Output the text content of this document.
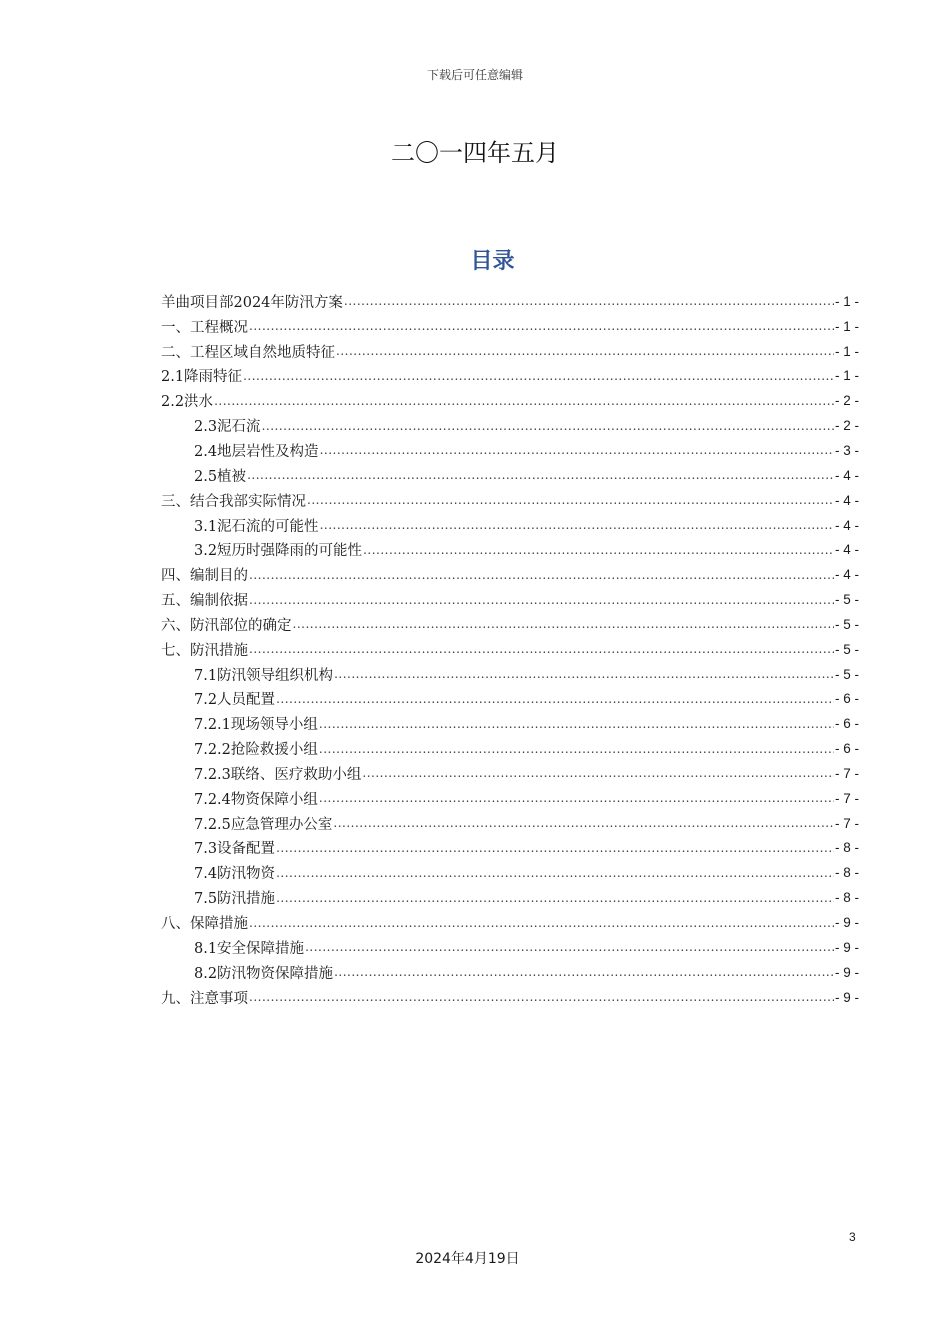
下载后可任意编辑
二〇一四年五月
目录
羊曲项目部2024年防汛方案 .....	- 1 -
一、工程概况 .....	- 1 -
二、工程区域自然地质特征 .....	- 1 -
2.1降雨特征 .....	- 1 -
2.2洪水 .....	- 2 -
2.3泥石流 .....	- 2 -
2.4地层岩性及构造 .....	- 3 -
2.5植被 .....	- 4 -
三、结合我部实际情况 .....	- 4 -
3.1泥石流的可能性 .....	- 4 -
3.2短历时强降雨的可能性 .....	- 4 -
四、编制目的 .....	- 4 -
五、编制依据 .....	- 5 -
六、防汛部位的确定 .....	- 5 -
七、防汛措施 .....	- 5 -
7.1防汛领导组织机构 .....	- 5 -
7.2人员配置 .....	- 6 -
7.2.1现场领导小组 .....	- 6 -
7.2.2抢险救援小组 .....	- 6 -
7.2.3联络、医疗救助小组 .....	- 7 -
7.2.4物资保障小组 .....	- 7 -
7.2.5应急管理办公室 .....	- 7 -
7.3设备配置 .....	- 8 -
7.4防汛物资 .....	- 8 -
7.5防汛措施 .....	- 8 -
八、保障措施 .....	- 9 -
8.1安全保障措施 .....	- 9 -
8.2防汛物资保障措施 .....	- 9 -
九、注意事项 .....	- 9 -
3
2024年4月19日
